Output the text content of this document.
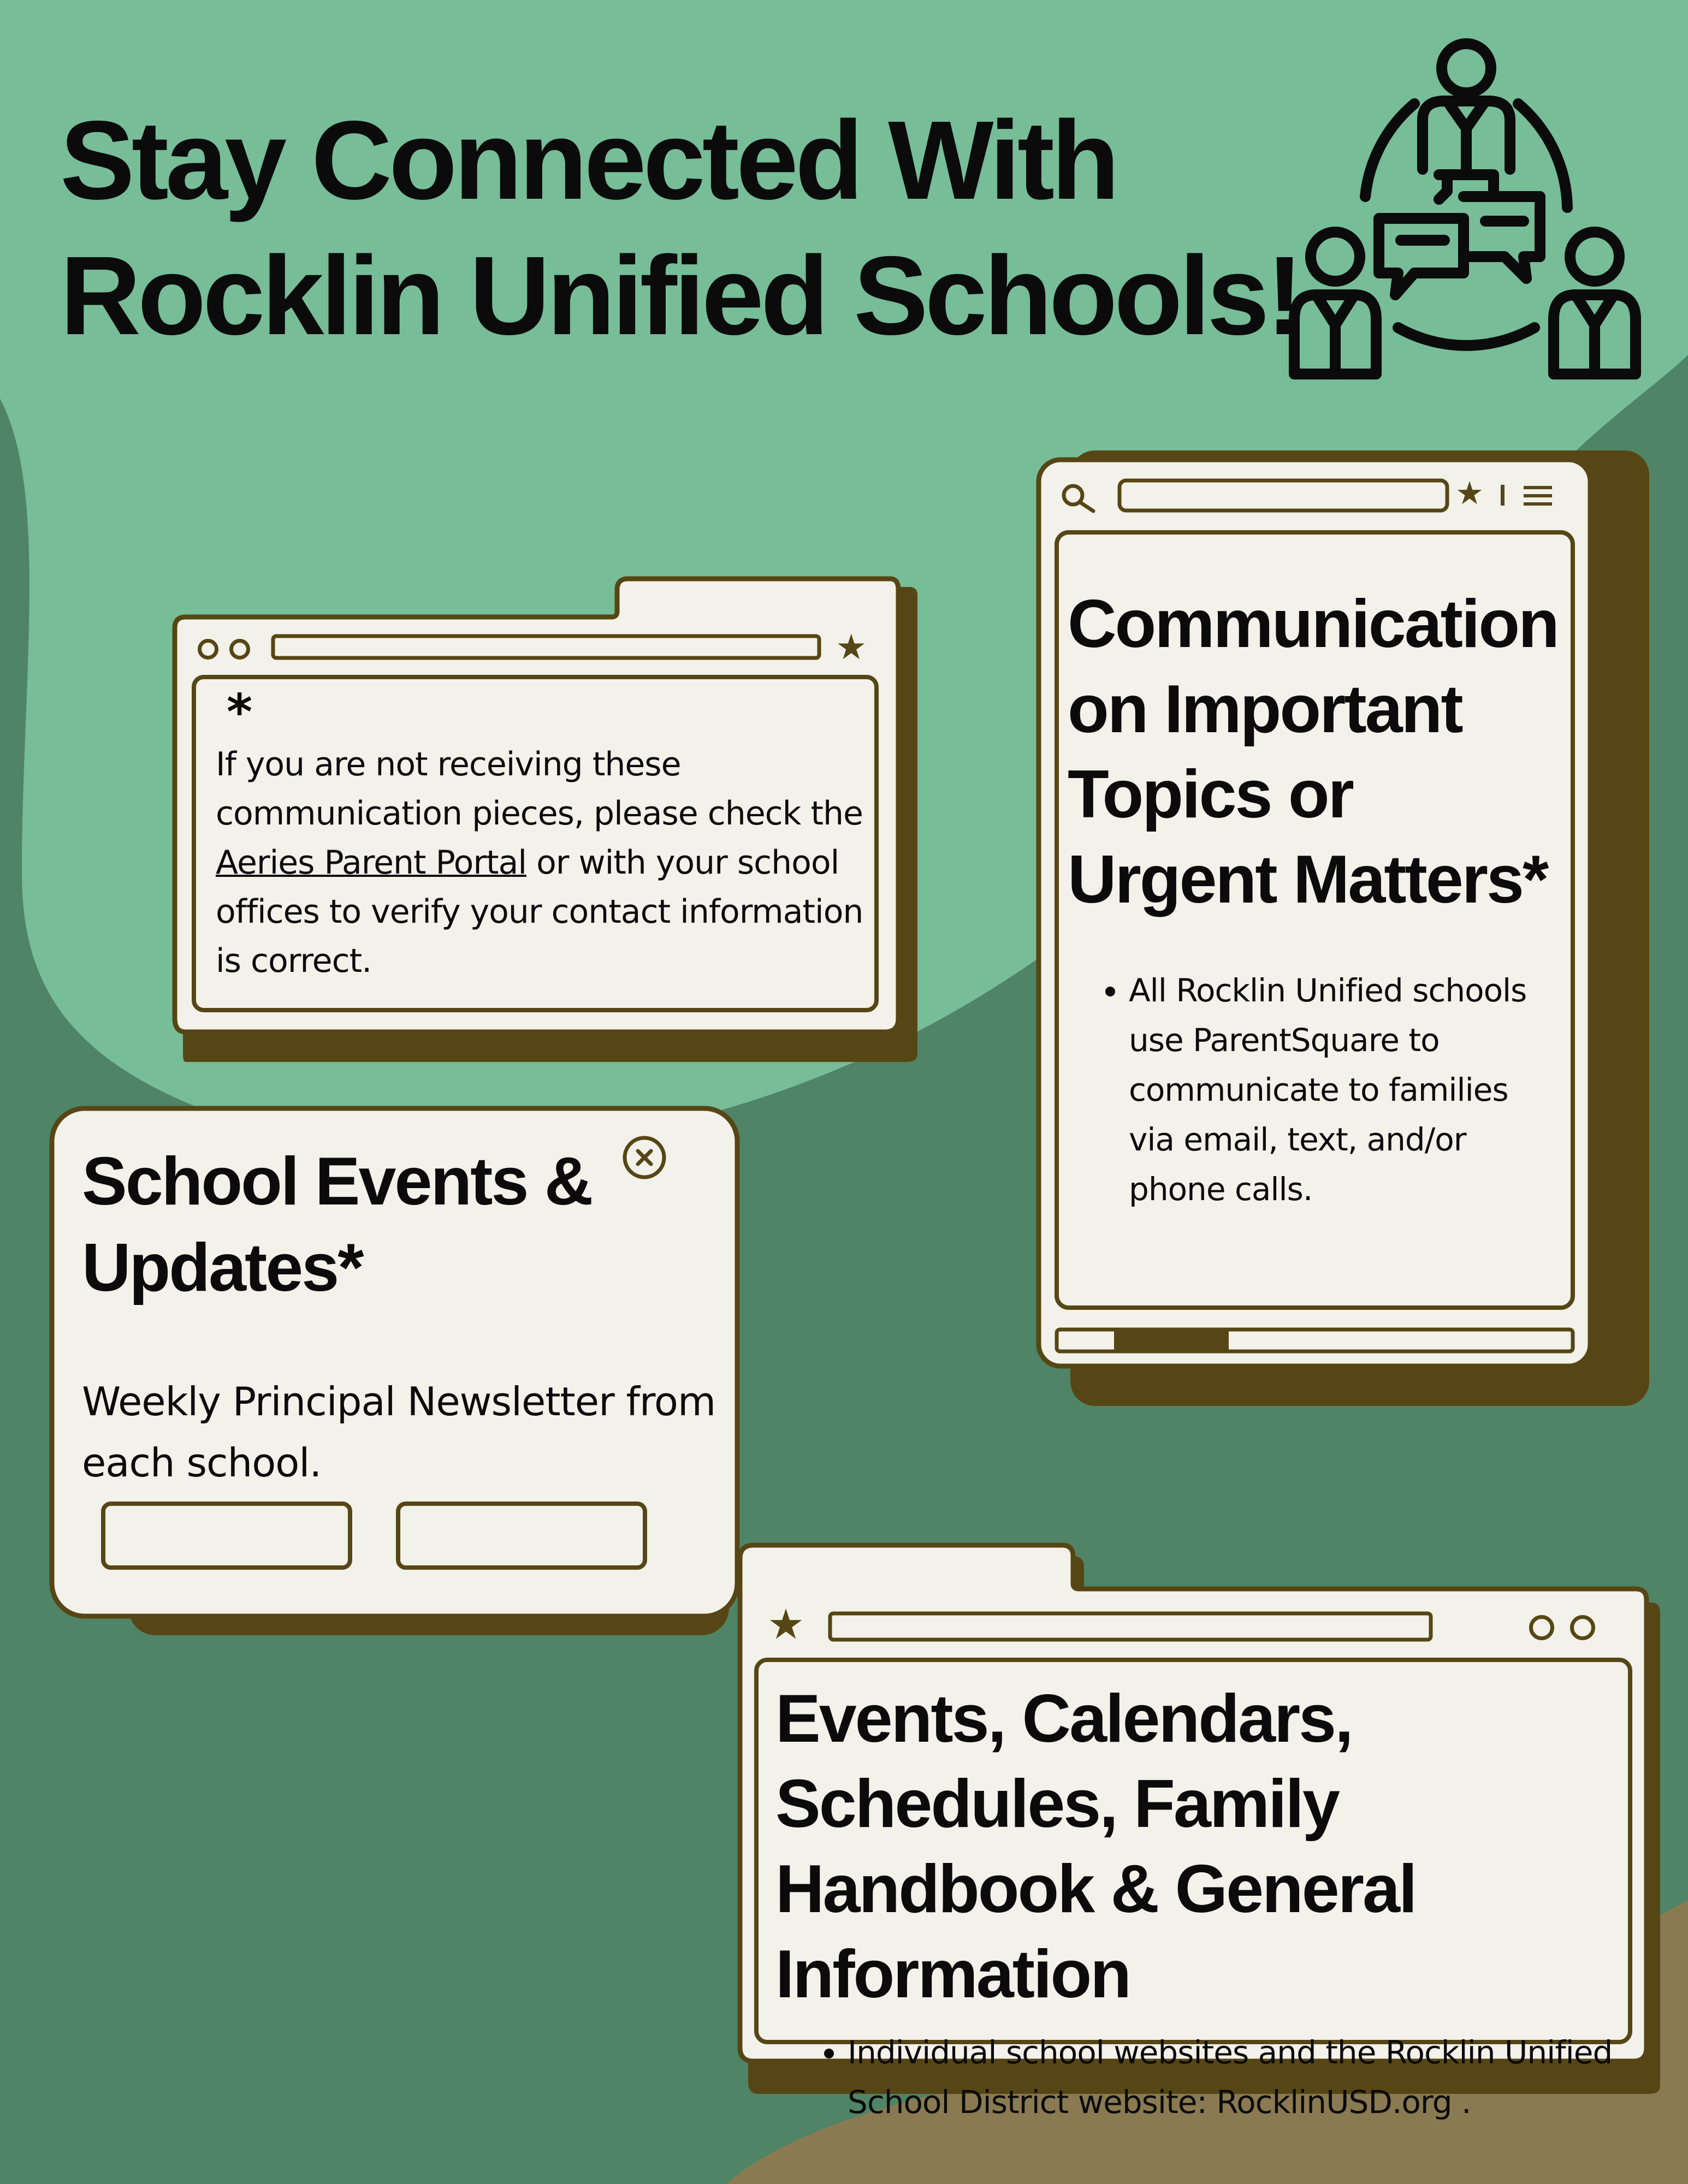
Stay Connected With
Rocklin Unified Schools!
★
*
If you are not receiving these communication pieces, please check the Aeries Parent Portal or with your school offices to verify your contact information is correct.
★
Communication on Important Topics or Urgent Matters*
• All Rocklin Unified schools use ParentSquare to communicate to families via email, text, and/or phone calls.
School Events & Updates*
Weekly Principal Newsletter from each school.
★
Events, Calendars, Schedules, Family Handbook & General Information
• Individual school websites and the Rocklin Unified School District website: RocklinUSD.org .
